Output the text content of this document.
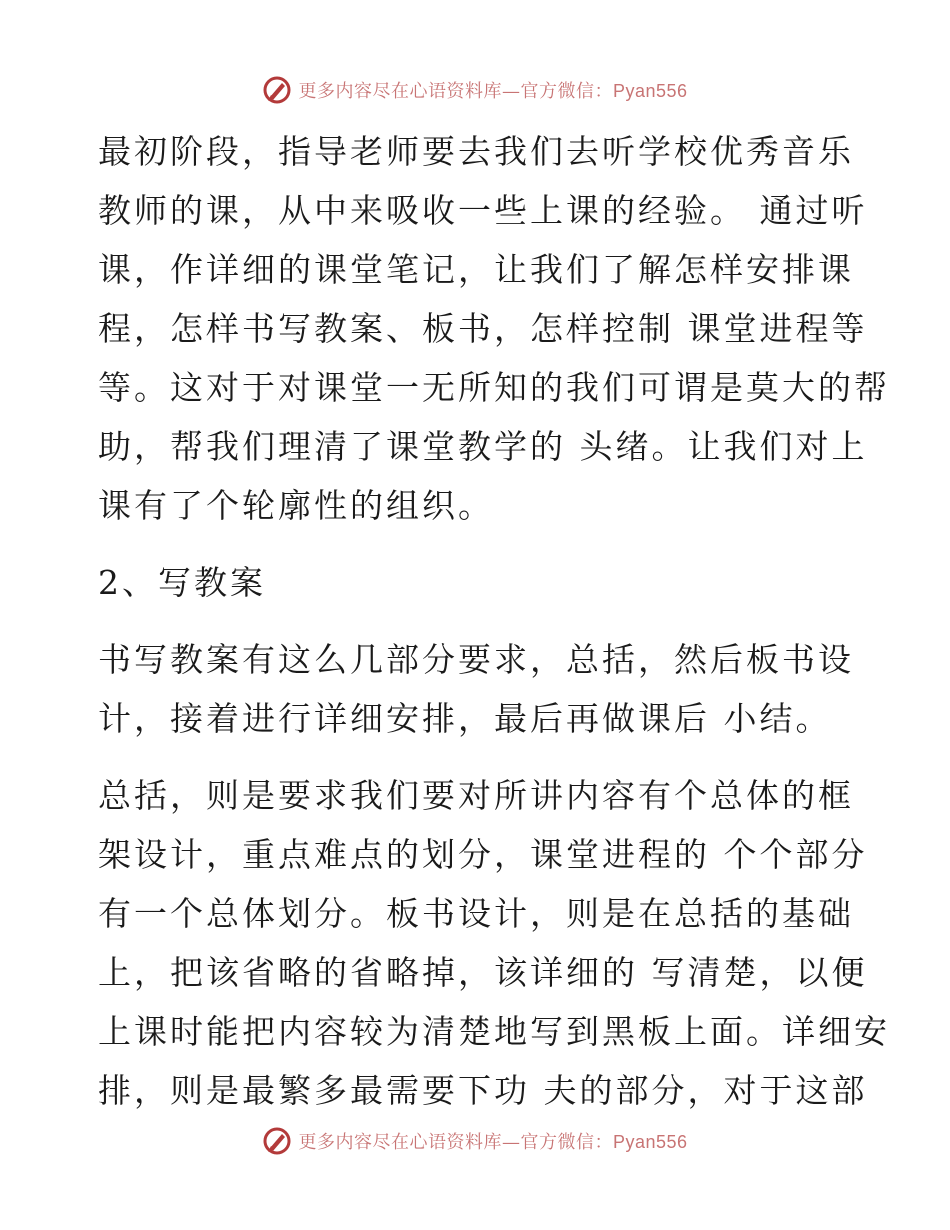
更多内容尽在心语资料库—官方微信：Pyan556

最初阶段，指导老师要去我们去听学校优秀音乐
教师的课，从中来吸收一些上课的经验。 通过听
课，作详细的课堂笔记，让我们了解怎样安排课
程，怎样书写教案、板书，怎样控制 课堂进程等
等。这对于对课堂一无所知的我们可谓是莫大的帮
助，帮我们理清了课堂教学的 头绪。让我们对上
课有了个轮廓性的组织。

2、写教案

书写教案有这么几部分要求，总括，然后板书设
计，接着进行详细安排，最后再做课后 小结。

总括，则是要求我们要对所讲内容有个总体的框
架设计，重点难点的划分，课堂进程的 个个部分
有一个总体划分。板书设计，则是在总括的基础
上，把该省略的省略掉，该详细的 写清楚，以便
上课时能把内容较为清楚地写到黑板上面。详细安
排，则是最繁多最需要下功 夫的部分，对于这部

更多内容尽在心语资料库—官方微信：Pyan556
